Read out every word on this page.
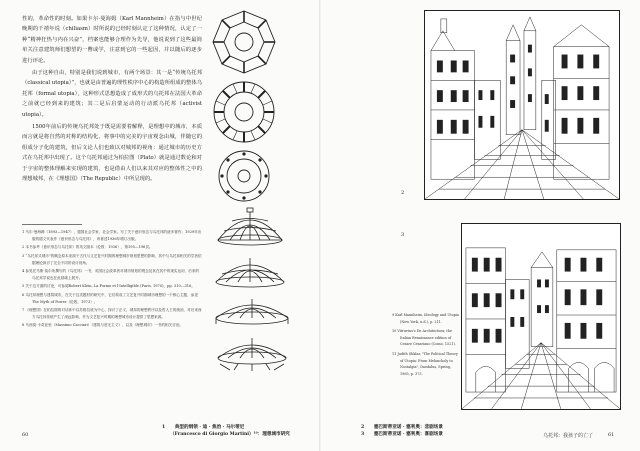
性的，革命性的时刻。如果卡尔·曼海姆（Karl Mannheim）在指与中世纪晚期的千禧年说（chiliasm）时所说的已经时刻认定了这种情况，认定了一种“精神狂热与内在兴奋”，档案也能够合理作为先导，他说说到了这些最简单关注意建筑师们想望的一瞥或学，注意到它的一些起因，并以随后的逐步进行评论。

由于这种自由，特别是我们说到城市，有两个场景：其一是“传统乌托邦（classical utopia）”，也就是由普遍的理性秩序中心的构造所组成的整体乌托邦（formal utopia），这种形式思想造成了成形式的乌托邦在法国大革命之前就已经到来的建筑；其二是后启蒙运动的行动派乌托邦（activist utopia）。

1500年前后的传统乌托邦处于既是需要着解释，是理想中的城市，本质而言就是将自然的对称的结构化，将事中的完美的宇宙观念由城，伴随它的组成分子化的建筑，但后文论人们也致以对城邦的视角：通过城市的历史方式在乌托邦中出现了。这个乌托邦通过为柏拉图（Plato）就是通过数论和对于宇宙的整体理解来实现的建筑，也是借由人们以来其对应的整体性之中的理想城邦，在《理想国》（The Republic）中所呈现的。

1 马尔·曼海姆（1893—1947），德国社会学家，社会学家。写了关于意识形态与乌托邦的诸多著作；1929年出版的德文代表作《意识形态与乌托邦》，该著述1936年增订出版。

2 本书参考《意识形态与乌托邦》的英文版本（伦敦：1936），第195—196页。

3 “乌托邦式城市”的概念原本来源于古代与文艺复兴时期的理想城市规划思想的影响，其中与乌托邦相关的学者依据理论探讨了完全不同的设计视角。

4 参见托马斯·莫尔所撰写的《乌托邦》一书，英国社会改革者对城市规划的观念及其在其中的现实运用，后来的乌托邦学说也在此基础上展开。

5 关于这方面的讨论，可参阅Robert Klein, La Forme et l'Intelligible (Paris, 1970)，pp. 310—316。

6 乌托邦理想与建筑城市，在关于这类题材的研究中，它们构成了文艺复兴时期城市理想的一个核心主题，参见 The Myth of Power（伦敦，1973）。

7 《理想国》在柏拉图的对话体中以苏格拉底为中心，探讨了正义、城邦的理想秩序以及哲人王的统治，对后来西方乌托邦传统产生了深远影响，并为文艺复兴时期的理想城市设计提供了思想来源。

8 马西莫·卡奇亚里（Massimo Cacciari）《建筑与虚无主义》，以及《理想城市》一书的相关讨论。

1 典型的纲领 · 迪 · 焦治 · 马尔蒂尼
（Francesco di Giorgio Martini）¹⁰：理想城市研究
60
2
3

9 Karl Mannheim, Ideology and Utopia (New York, n.d.), p. 211.

10 Vitruvius's De Architectura; the Italian Renaissance edition of Cesare Cesariano (Como, 1521).

11 Judith Shklar, "The Political Theory of Utopia: From Melancholy to Nostalgia", Daedalus, Spring, 1965, p. 373.

2 塞巴斯蒂亚诺 · 塞利奥：悲剧场景
3 塞巴斯蒂亚诺 · 塞利奥：喜剧场景	乌托邦：我孩子的亡了	61
